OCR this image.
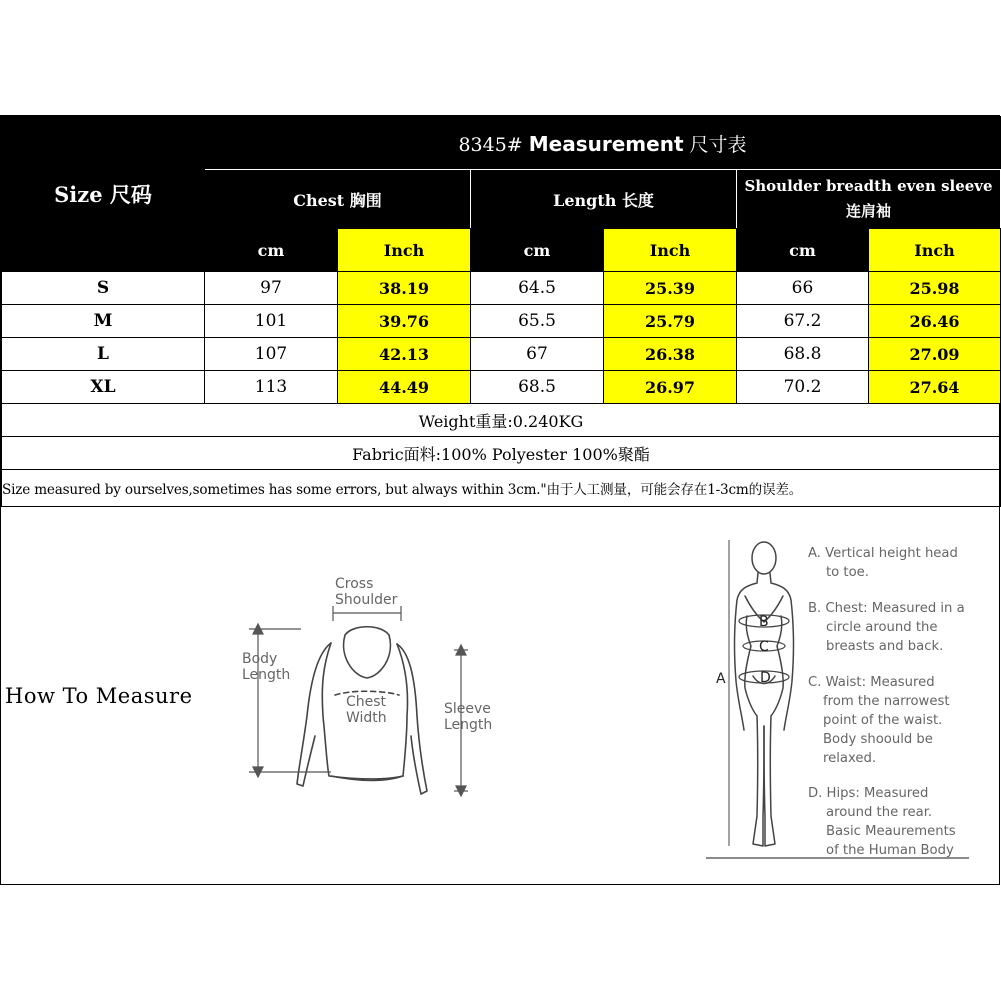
Size 尺码	8345# Measurement 尺寸表					
	Chest 胸围		Length 长度		Shoulder breadth even sleeve连肩袖	
	cm	Inch	cm	Inch	cm	Inch
S	97	38.19	64.5	25.39	66	25.98
M	101	39.76	65.5	25.79	67.2	26.46
L	107	42.13	67	26.38	68.8	27.09
XL	113	44.49	68.5	26.97	70.2	27.64
Weight重量:0.240KG						
Fabric面料:100% Polyester 100%聚酯						
Size measured by ourselves,sometimes has some errors, but always within 3cm."由于人工测量，可能会存在1-3cm的误差。						
How To Measure
Cross
Shoulder
Body
Length
Chest
Width
Sleeve
Length
A
B
C
D
A. Vertical height head
to toe.
B. Chest: Measured in a
circle around the
breasts and back.
C. Waist: Measured
from the narrowest
point of the waist.
Body shoould be
relaxed.
D. Hips: Measured
around the rear.
Basic Meaurements
of the Human Body
